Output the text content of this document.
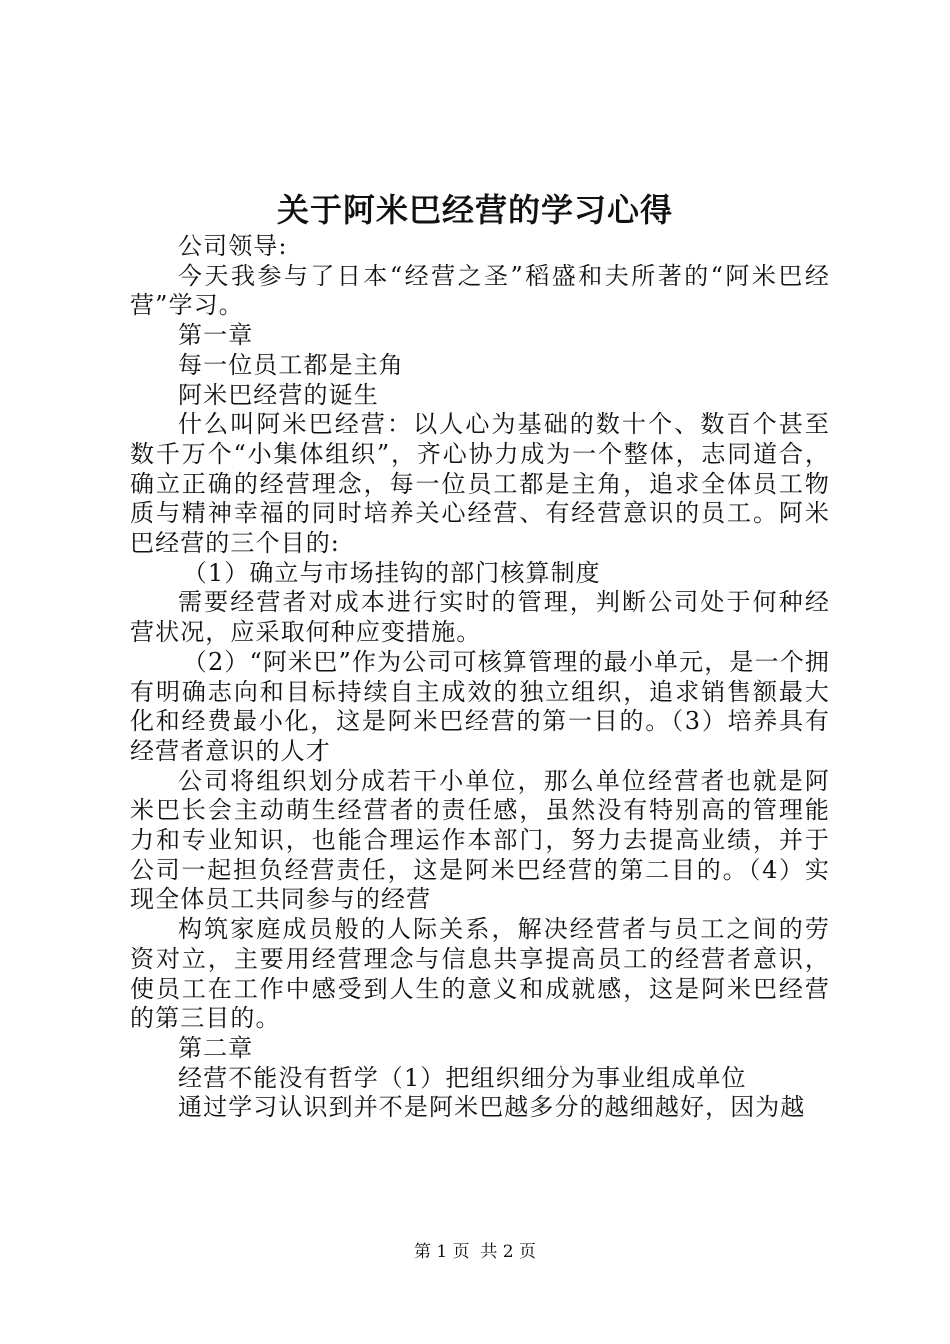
关于阿米巴经营的学习心得

公司领导:

今天我参与了日本“经营之圣”稻盛和夫所著的“阿米巴经营”学习。

第一章

每一位员工都是主角

阿米巴经营的诞生

什么叫阿米巴经营：以人心为基础的数十个、数百个甚至数千万个“小集体组织”，齐心协力成为一个整体，志同道合，确立正确的经营理念，每一位员工都是主角，追求全体员工物质与精神幸福的同时培养关心经营、有经营意识的员工。阿米巴经营的三个目的:

（1）确立与市场挂钩的部门核算制度

需要经营者对成本进行实时的管理，判断公司处于何种经营状况，应采取何种应变措施。

（2）“阿米巴”作为公司可核算管理的最小单元，是一个拥有明确志向和目标持续自主成效的独立组织，追求销售额最大化和经费最小化，这是阿米巴经营的第一目的。（3）培养具有经营者意识的人才

公司将组织划分成若干小单位，那么单位经营者也就是阿米巴长会主动萌生经营者的责任感，虽然没有特别高的管理能力和专业知识，也能合理运作本部门，努力去提高业绩，并于公司一起担负经营责任，这是阿米巴经营的第二目的。（4）实现全体员工共同参与的经营

构筑家庭成员般的人际关系，解决经营者与员工之间的劳资对立，主要用经营理念与信息共享提高员工的经营者意识，使员工在工作中感受到人生的意义和成就感，这是阿米巴经营的第三目的。

第二章

经营不能没有哲学（1）把组织细分为事业组成单位

通过学习认识到并不是阿米巴越多分的越细越好，因为越

第 1 页  共 2 页
